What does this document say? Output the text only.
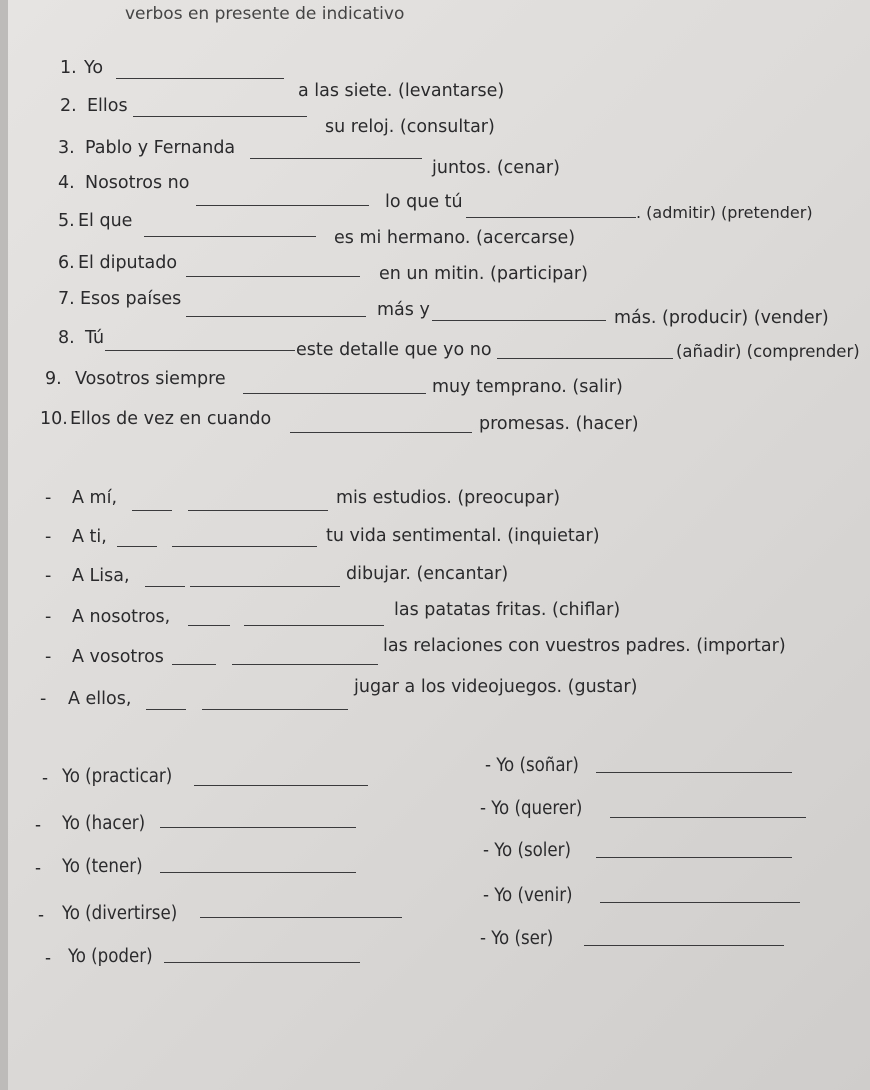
verbos en presente de indicativo
1. Yo
a las siete. (levantarse)
2. Ellos
su reloj. (consultar)
3. Pablo y Fernanda
juntos. (cenar)
4. Nosotros no
lo que tú
. (admitir) (pretender)
5. El que
es mi hermano. (acercarse)
6. El diputado
en un mitin. (participar)
7. Esos países
más y	más. (producir) (vender)
8. Tú
este detalle que yo no	(añadir) (comprender)
9. Vosotros siempre	muy temprano. (salir)
10. Ellos de vez en cuando	promesas. (hacer)
- A mí,	mis estudios. (preocupar)
- A ti,	tu vida sentimental. (inquietar)
- A Lisa,	dibujar. (encantar)
- A nosotros,	las patatas fritas. (chiflar)
- A vosotros
las relaciones con vuestros padres. (importar)
- A ellos,
jugar a los videojuegos. (gustar)
- Yo (practicar)
- Yo (hacer)
- Yo (tener)
- Yo (divertirse)
- Yo (poder)
- Yo (soñar)
- Yo (querer)
- Yo (soler)
- Yo (venir)
- Yo (ser)
